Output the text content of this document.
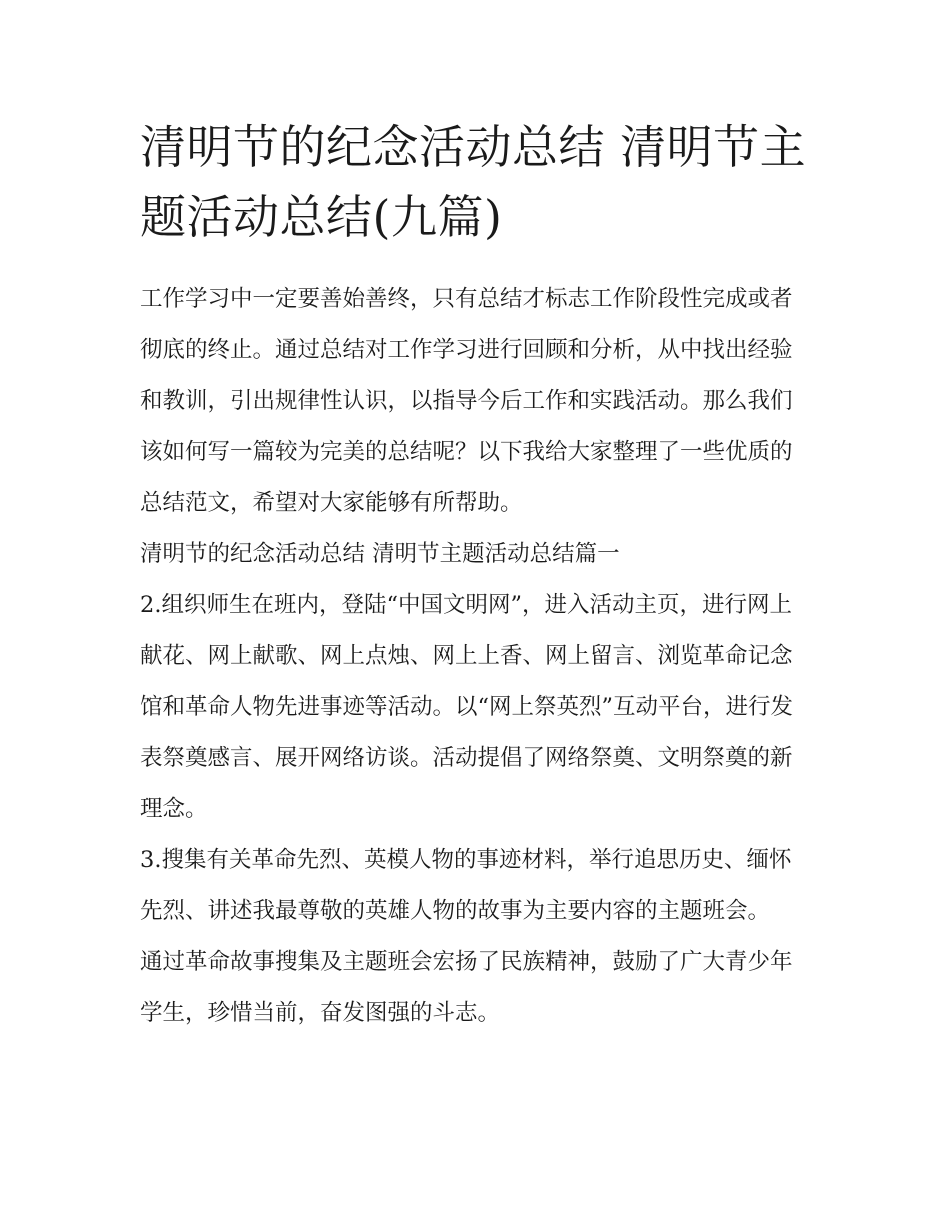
清明节的纪念活动总结 清明节主题活动总结(九篇)

工作学习中一定要善始善终，只有总结才标志工作阶段性完成或者彻底的终止。通过总结对工作学习进行回顾和分析，从中找出经验和教训，引出规律性认识，以指导今后工作和实践活动。那么我们该如何写一篇较为完美的总结呢？以下我给大家整理了一些优质的总结范文，希望对大家能够有所帮助。

清明节的纪念活动总结 清明节主题活动总结篇一

2.组织师生在班内，登陆“中国文明网”，进入活动主页，进行网上献花、网上献歌、网上点烛、网上上香、网上留言、浏览革命记念馆和革命人物先进事迹等活动。以“网上祭英烈”互动平台，进行发表祭奠感言、展开网络访谈。活动提倡了网络祭奠、文明祭奠的新理念。

3.搜集有关革命先烈、英模人物的事迹材料，举行追思历史、缅怀先烈、讲述我最尊敬的英雄人物的故事为主要内容的主题班会。

通过革命故事搜集及主题班会宏扬了民族精神，鼓励了广大青少年学生，珍惜当前，奋发图强的斗志。
